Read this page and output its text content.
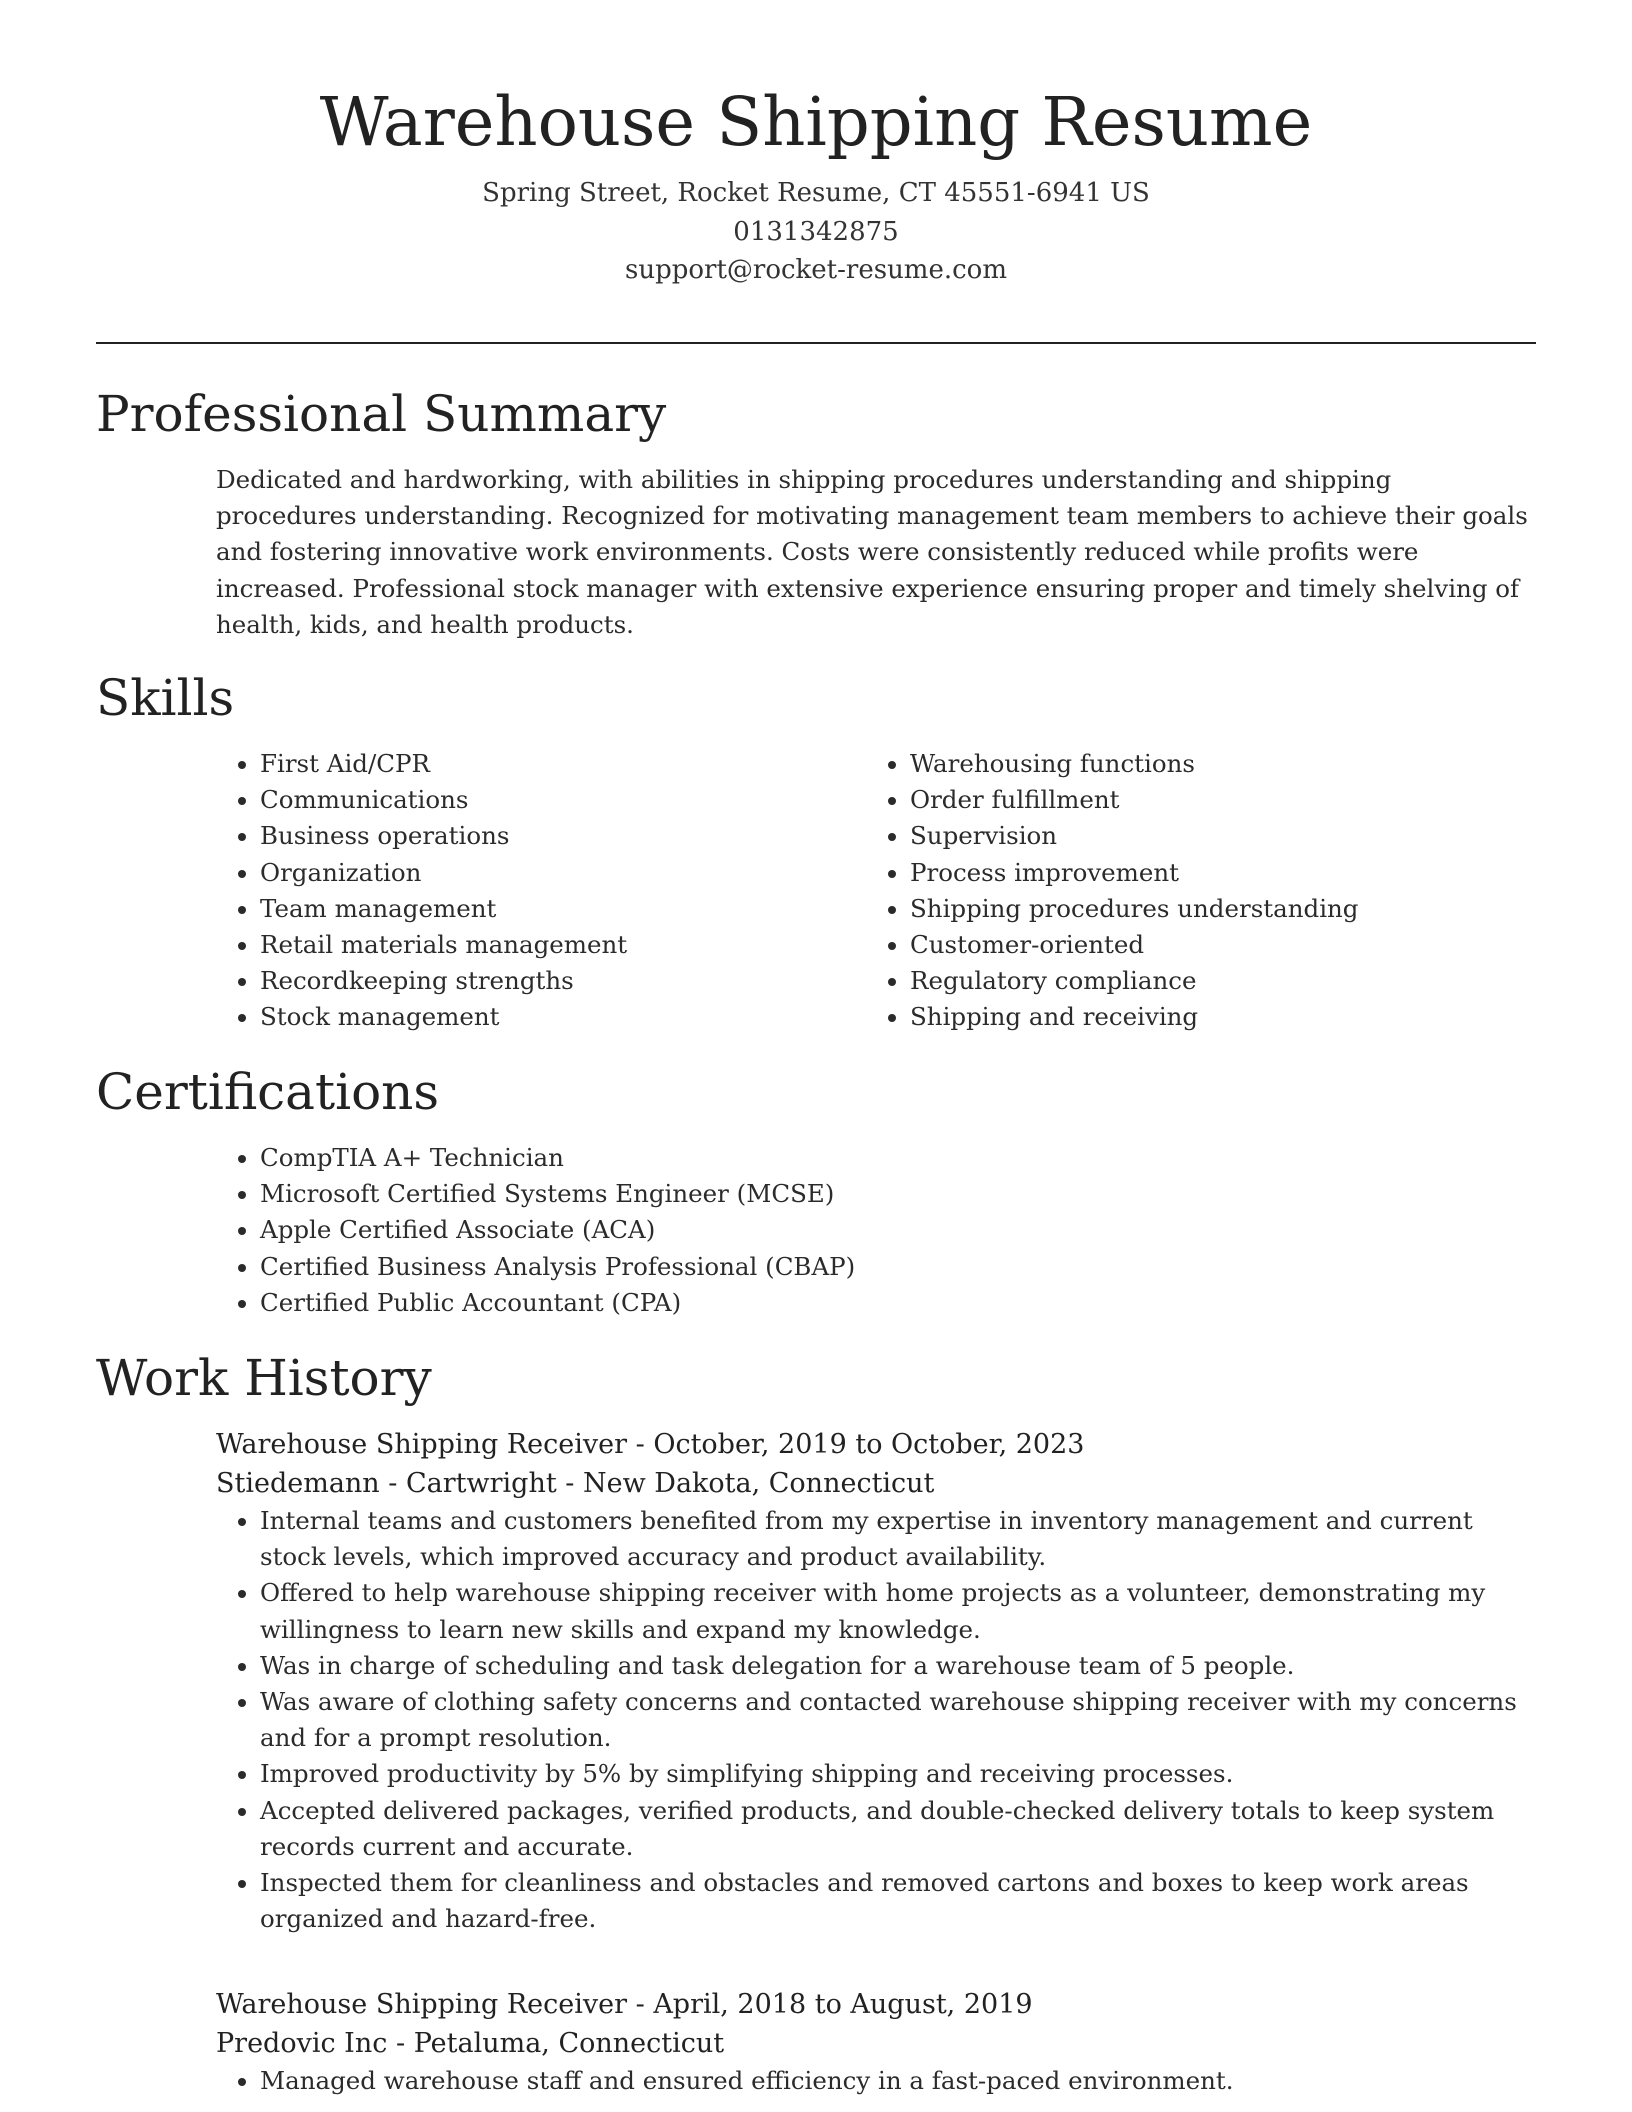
Warehouse Shipping Resume
Spring Street, Rocket Resume, CT 45551-6941 US
0131342875
support@rocket-resume.com
Professional Summary

Dedicated and hardworking, with abilities in shipping procedures understanding and shipping procedures understanding. Recognized for motivating management team members to achieve their goals and fostering innovative work environments. Costs were consistently reduced while profits were increased. Professional stock manager with extensive experience ensuring proper and timely shelving of health, kids, and health products.

Skills
• First Aid/CPR
• Communications
• Business operations
• Organization
• Team management
• Retail materials management
• Recordkeeping strengths
• Stock management
• Warehousing functions
• Order fulfillment
• Supervision
• Process improvement
• Shipping procedures understanding
• Customer-oriented
• Regulatory compliance
• Shipping and receiving
Certifications
• CompTIA A+ Technician
• Microsoft Certified Systems Engineer (MCSE)
• Apple Certified Associate (ACA)
• Certified Business Analysis Professional (CBAP)
• Certified Public Accountant (CPA)
Work History
Warehouse Shipping Receiver - October, 2019 to October, 2023
Stiedemann - Cartwright - New Dakota, Connecticut
• Internal teams and customers benefited from my expertise in inventory management and current stock levels, which improved accuracy and product availability.
• Offered to help warehouse shipping receiver with home projects as a volunteer, demonstrating my willingness to learn new skills and expand my knowledge.
• Was in charge of scheduling and task delegation for a warehouse team of 5 people.
• Was aware of clothing safety concerns and contacted warehouse shipping receiver with my concerns and for a prompt resolution.
• Improved productivity by 5% by simplifying shipping and receiving processes.
• Accepted delivered packages, verified products, and double-checked delivery totals to keep system records current and accurate.
• Inspected them for cleanliness and obstacles and removed cartons and boxes to keep work areas organized and hazard-free.
Warehouse Shipping Receiver - April, 2018 to August, 2019
Predovic Inc - Petaluma, Connecticut
• Managed warehouse staff and ensured efficiency in a fast-paced environment.
